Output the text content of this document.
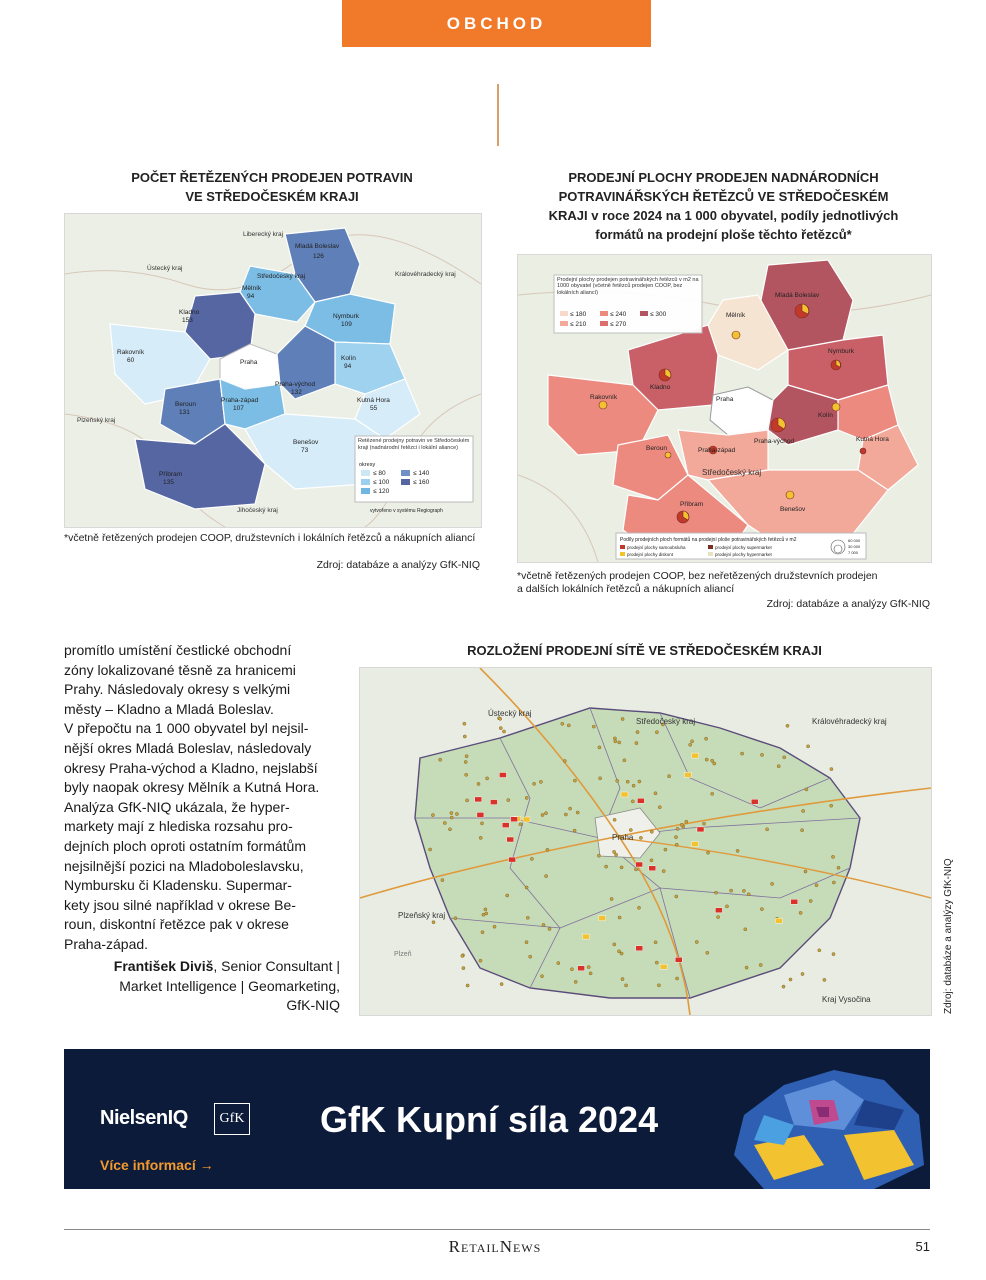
OBCHOD
POČET ŘETĚZENÝCH PRODEJEN POTRAVIN
VE STŘEDOČESKÉM KRAJI
Liberecký kraj
Ústecký kraj
Královéhradecký kraj
Plzeňský kraj
Jihočeský kraj
Mladá Boleslav
126
Středočeský kraj
Mělník
94
Kladno
153
Nymburk
109
Rakovník
60	Praha
Kolín
94
Praha-východ
132
Beroun
131
Praha-západ
107
Kutná Hora
55
Benešov
73
Příbram
135
Řetězené prodejny potravin ve Středočeském kraji (nadnárodní řetězci i lokální aliance)
okresy
≤ 80
≤ 100
≤ 120
≤ 140
≤ 160
vytvořeno v systému Regiograph
*včetně řetězených prodejen COOP, družstevních i lokálních řetězců a nákupních aliancí
Zdroj: databáze a analýzy GfK-NIQ
PRODEJNÍ PLOCHY PRODEJEN NADNÁRODNÍCH
POTRAVINÁŘSKÝCH ŘETĚZCŮ VE STŘEDOČESKÉM
KRAJI v roce 2024 na 1 000 obyvatel, podíly jednotlivých
formátů na prodejní ploše těchto řetězců*
Mladá Boleslav
Mělník
Nymburk
Kladno
Rakovník	Praha
Kolín
Praha-východ	Kutná Hora
Beroun	Praha-západ
Středočeský kraj
Příbram
Benešov
Prodejní plochy prodejen potravinářských řetězců v m2 na 1000 obyvatel (včetně řetězců prodejen COOP, bez lokálních aliancí)
≤ 180
≤ 210
≤ 240
≤ 270
≤ 300
Podíly prodejních ploch formátů na prodejní ploše potravinářských řetězců v m2
prodejní plochy samoobsluha
prodejní plochy diskont
prodejní plochy supermarket
prodejní plochy hypermarket
60 000
30 000
7 000
*včetně řetězených prodejen COOP, bez neřetězených družstevních prodejen
a dalších lokálních řetězců a nákupních aliancí
Zdroj: databáze a analýzy GfK-NIQ
promítlo umístění čestlické obchodní
zóny lokalizované těsně za hranicemi
Prahy. Následovaly okresy s velkými
městy – Kladno a Mladá Boleslav.
V přepočtu na 1 000 obyvatel byl nejsil-
nější okres Mladá Boleslav, následovaly
okresy Praha-východ a Kladno, nejslabší
byly naopak okresy Mělník a Kutná Hora.
Analýza GfK-NIQ ukázala, že hyper-
markety mají z hlediska rozsahu pro-
dejních ploch oproti ostatním formátům
nejsilnější pozici na Mladoboleslavsku,
Nymbursku či Kladensku. Supermar-
kety jsou silné například v okrese Be-
roun, diskontní řetězce pak v okrese
Praha-západ.
František Diviš, Senior Consultant |
Market Intelligence | Geomarketing,
GfK-NIQ
ROZLOŽENÍ PRODEJNÍ SÍTĚ VE STŘEDOČESKÉM KRAJI
Ústecký kraj
Středočeský kraj	Královéhradecký kraj
Praha
Plzeňský kraj
Kraj Vysočina
Plzeň	Zdroj: databáze a analýzy GfK-NIQ
NielsenIQ	GfK GfK Kupní síla 2024
Více informací →
RetailNews	51
